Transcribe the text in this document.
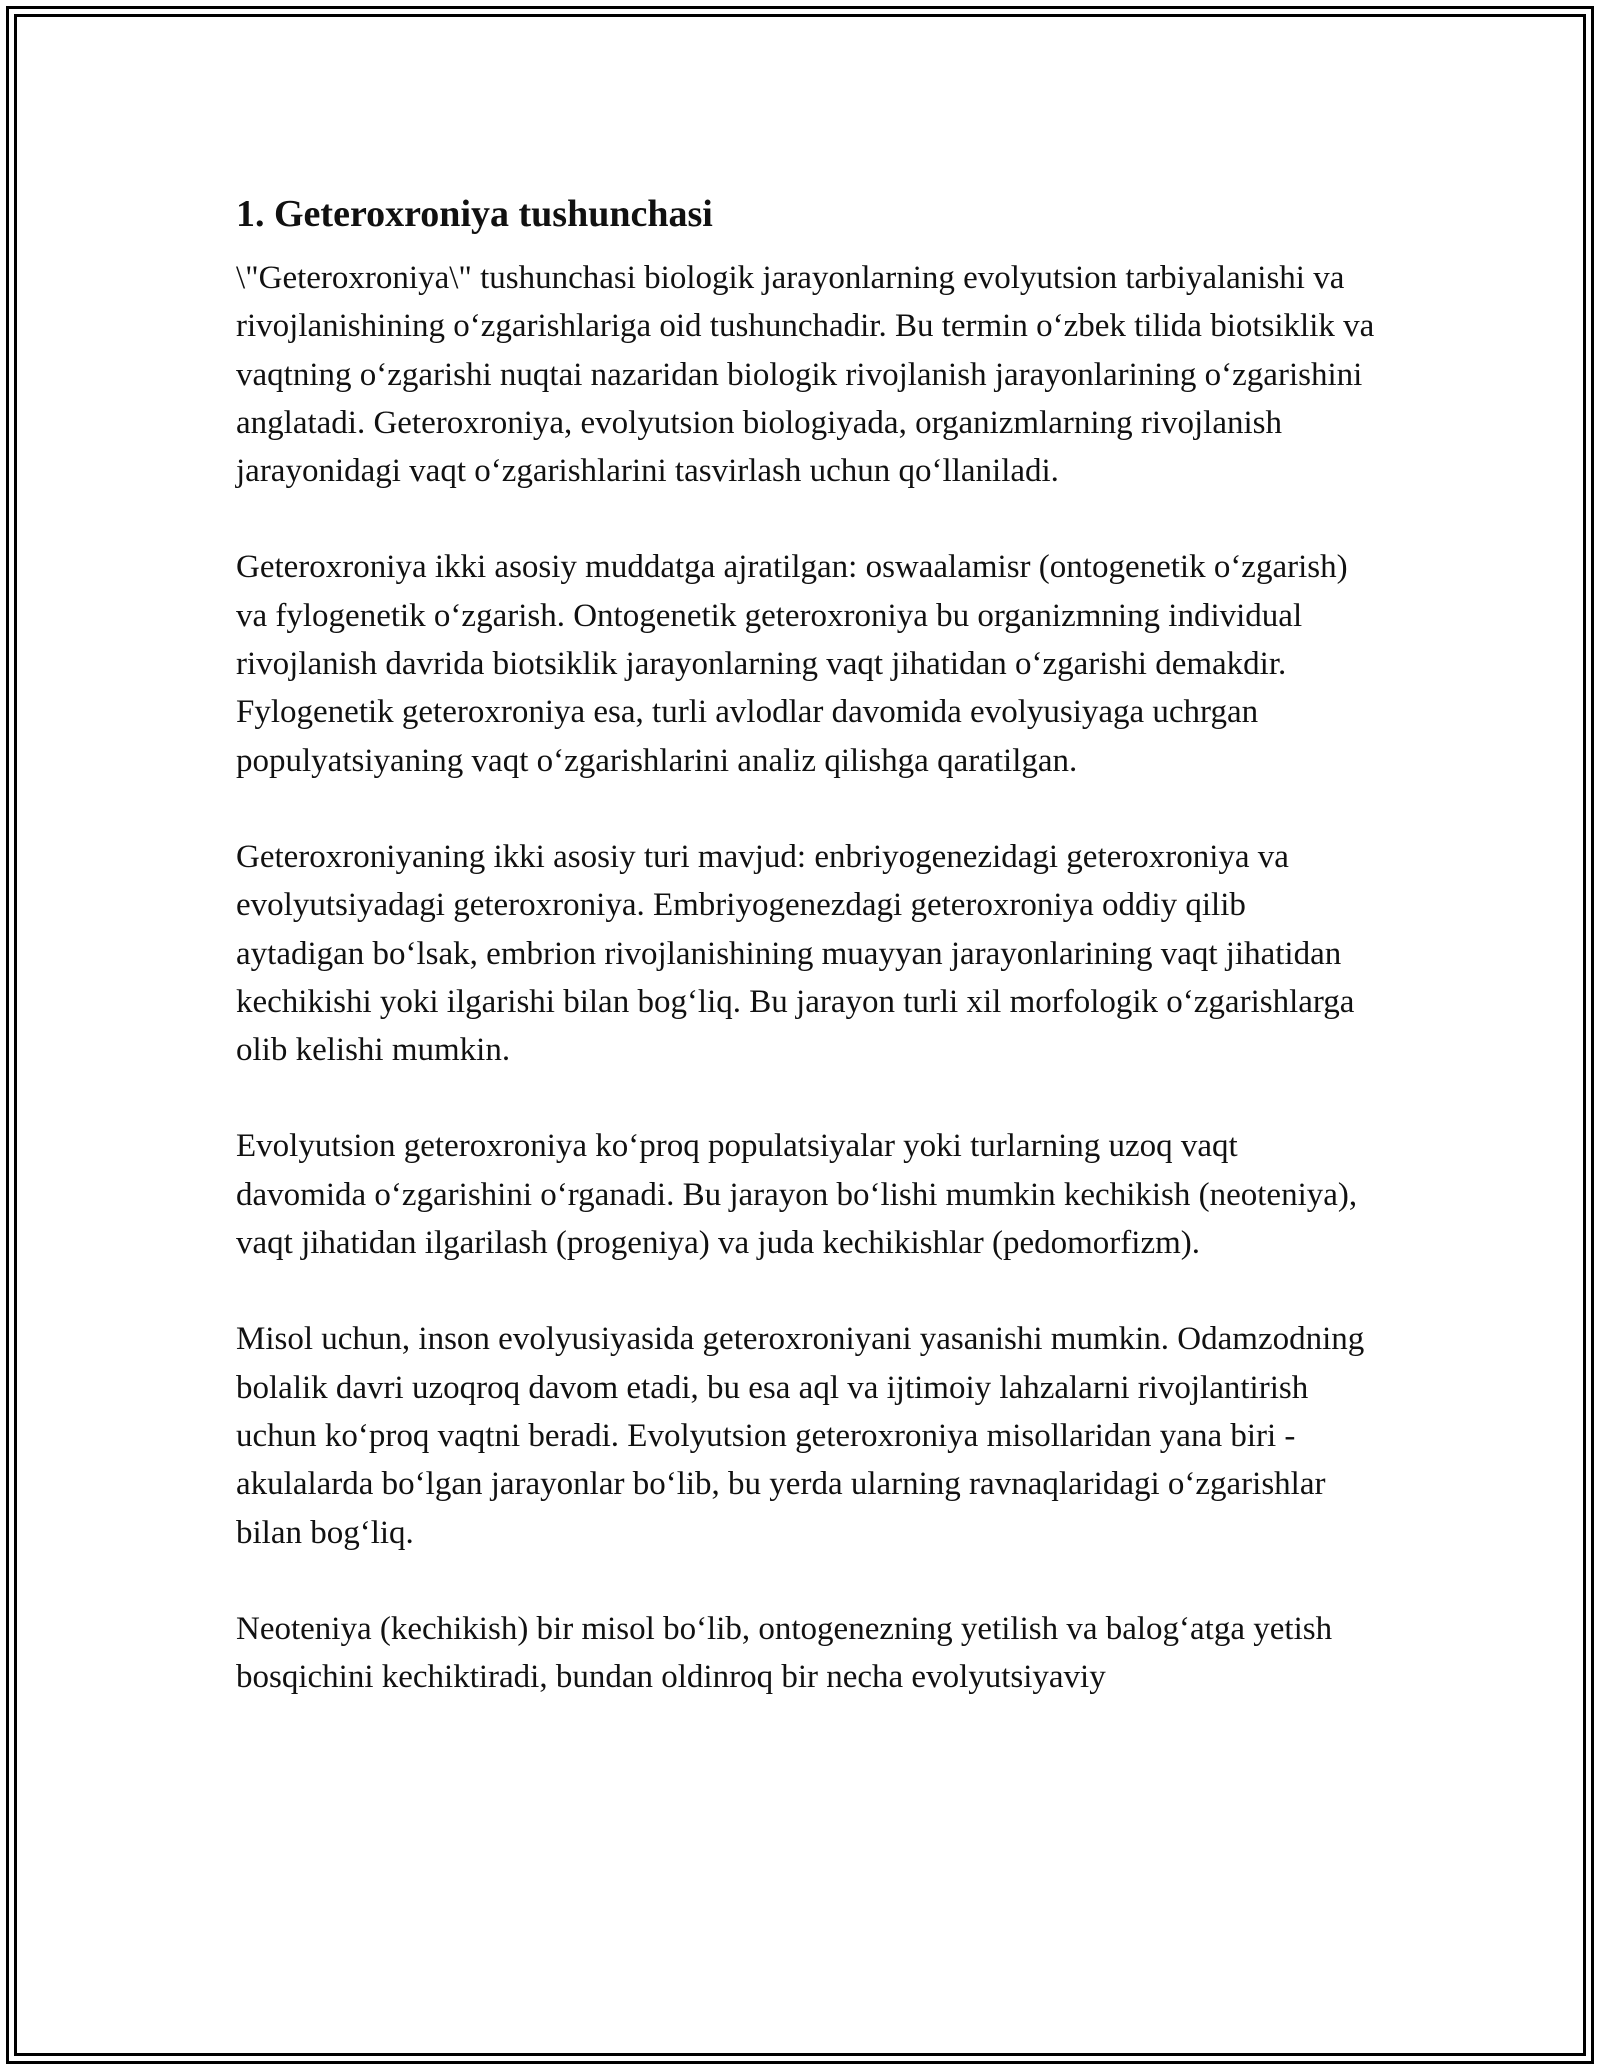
1. Geteroxroniya tushunchasi

\"Geteroxroniya\" tushunchasi biologik jarayonlarning evolyutsion tarbiyalanishi va rivojlanishining o‘zgarishlariga oid tushunchadir. Bu termin o‘zbek tilida biotsiklik va vaqtning o‘zgarishi nuqtai nazaridan biologik rivojlanish jarayonlarining o‘zgarishini anglatadi. Geteroxroniya, evolyutsion biologiyada, organizmlarning rivojlanish jarayonidagi vaqt o‘zgarishlarini tasvirlash uchun qo‘llaniladi.

Geteroxroniya ikki asosiy muddatga ajratilgan: oswaalamisr (ontogenetik o‘zgarish) va fylogenetik o‘zgarish. Ontogenetik geteroxroniya bu organizmning individual rivojlanish davrida biotsiklik jarayonlarning vaqt jihatidan o‘zgarishi demakdir. Fylogenetik geteroxroniya esa, turli avlodlar davomida evolyusiyaga uchrgan populyatsiyaning vaqt o‘zgarishlarini analiz qilishga qaratilgan.

Geteroxroniyaning ikki asosiy turi mavjud: enbriyogenezidagi geteroxroniya va evolyutsiyadagi geteroxroniya. Embriyogenezdagi geteroxroniya oddiy qilib aytadigan bo‘lsak, embrion rivojlanishining muayyan jarayonlarining vaqt jihatidan kechikishi yoki ilgarishi bilan bog‘liq. Bu jarayon turli xil morfologik o‘zgarishlarga olib kelishi mumkin.

Evolyutsion geteroxroniya ko‘proq populatsiyalar yoki turlarning uzoq vaqt davomida o‘zgarishini o‘rganadi. Bu jarayon bo‘lishi mumkin kechikish (neoteniya), vaqt jihatidan ilgarilash (progeniya) va juda kechikishlar (pedomorfizm).

Misol uchun, inson evolyusiyasida geteroxroniyani yasanishi mumkin. Odamzodning bolalik davri uzoqroq davom etadi, bu esa aql va ijtimoiy lahzalarni rivojlantirish uchun ko‘proq vaqtni beradi. Evolyutsion geteroxroniya misollaridan yana biri - akulalarda bo‘lgan jarayonlar bo‘lib, bu yerda ularning ravnaqlaridagi o‘zgarishlar bilan bog‘liq.

Neoteniya (kechikish) bir misol bo‘lib, ontogenezning yetilish va balog‘atga yetish bosqichini kechiktiradi, bundan oldinroq bir necha evolyutsiyaviy
